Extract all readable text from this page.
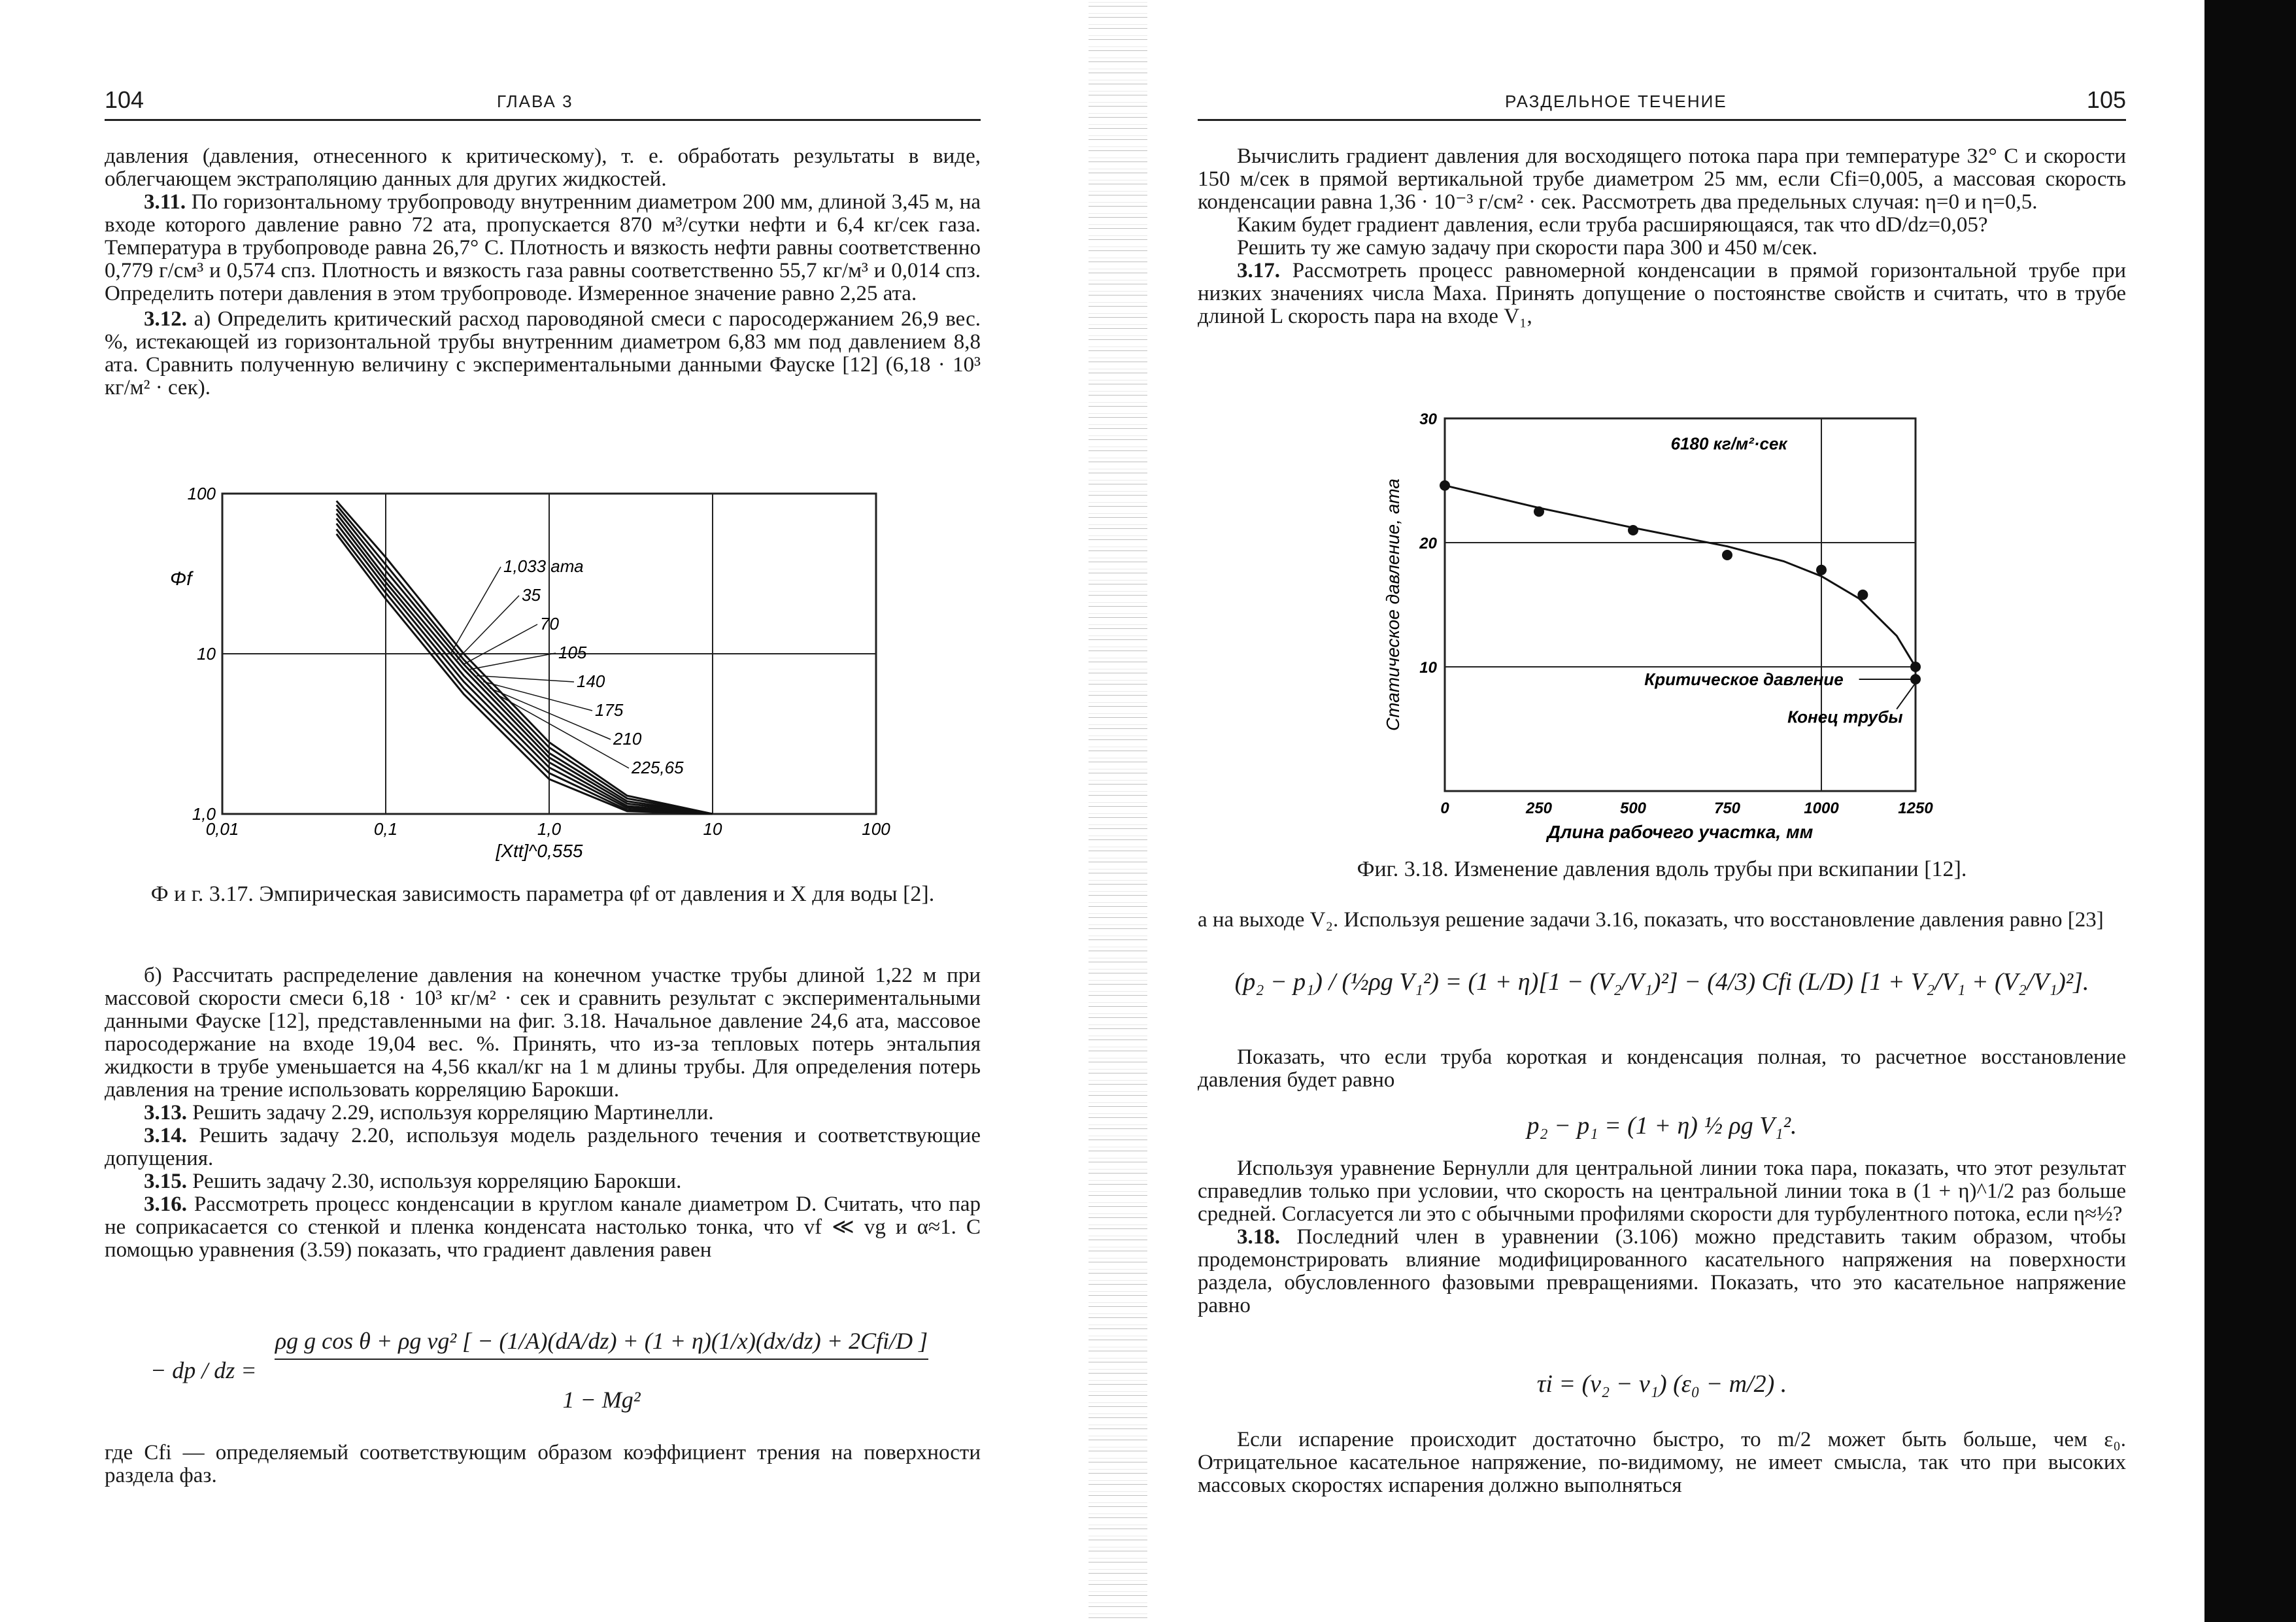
104	ГЛАВА 3

давления (давления, отнесенного к критическому), т. е. обработать результаты в виде, облегчающем экстраполяцию данных для других жидкостей.

3.11. По горизонтальному трубопроводу внутренним диаметром 200 мм, длиной 3,45 м, на входе которого давление равно 72 ата, пропускается 870 м³/сутки нефти и 6,4 кг/сек газа. Температура в трубопроводе равна 26,7° С. Плотность и вязкость нефти равны соответственно 0,779 г/см³ и 0,574 спз. Плотность и вязкость газа равны соответственно 55,7 кг/м³ и 0,014 спз. Определить потери давления в этом трубопроводе. Измеренное значение равно 2,25 ата.

3.12. а) Определить критический расход пароводяной смеси с паросодержанием 26,9 вес. %, истекающей из горизонтальной трубы внутренним диаметром 6,83 мм под давлением 8,8 ата. Сравнить полученную величину с экспериментальными данными Фауске [12] (6,18 · 10³ кг/м² · сек).

0,01	0,1	1,0	10	100
1,0
10
100
[Xtt]^0,555
Φf
1,033 ата
35
70
105
140
175
210
225,65
Ф и г. 3.17. Эмпирическая зависимость параметра φf от давления и X для воды [2].

б) Рассчитать распределение давления на конечном участке трубы длиной 1,22 м при массовой скорости смеси 6,18 · 10³ кг/м² · сек и сравнить результат с экспериментальными данными Фауске [12], представленными на фиг. 3.18. Начальное давление 24,6 ата, массовое паросодержание на входе 19,04 вес. %. Принять, что из-за тепловых потерь энтальпия жидкости в трубе уменьшается на 4,56 ккал/кг на 1 м длины трубы. Для определения потерь давления на трение использовать корреляцию Барокши.

3.13. Решить задачу 2.29, используя корреляцию Мартинелли.

3.14. Решить задачу 2.20, используя модель раздельного течения и соответствующие допущения.

3.15. Решить задачу 2.30, используя корреляцию Барокши.

3.16. Рассмотреть процесс конденсации в круглом канале диаметром D. Считать, что пар не соприкасается со стенкой и пленка конденсата настолько тонка, что vf ≪ vg и α≈1. С помощью уравнения (3.59) показать, что градиент давления равен

− dp / dz =
ρg g cos θ + ρg vg² [ − (1/A)(dA/dz) + (1 + η)(1/x)(dx/dz) + 2Cfi/D ]
1 − Mg²

где Cfi — определяемый соответствующим образом коэффициент трения на поверхности раздела фаз.

РАЗДЕЛЬНОЕ ТЕЧЕНИЕ	105

Вычислить градиент давления для восходящего потока пара при температуре 32° С и скорости 150 м/сек в прямой вертикальной трубе диаметром 25 мм, если Cfi=0,005, а массовая скорость конденсации равна 1,36 · 10⁻³ г/см² · сек. Рассмотреть два предельных случая: η=0 и η=0,5.

Каким будет градиент давления, если труба расширяющаяся, так что dD/dz=0,05?

Решить ту же самую задачу при скорости пара 300 и 450 м/сек.

3.17. Рассмотреть процесс равномерной конденсации в прямой горизонтальной трубе при низких значениях числа Маха. Принять допущение о постоянстве свойств и считать, что в трубе длиной L скорость пара на входе V₁,

0	250	500	750	1000	1250
10
20
30
Длина рабочего участка, мм
Статическое давление, ата
6180 кг/м²·сек
Критическое давление
Конец трубы
Фиг. 3.18. Изменение давления вдоль трубы при вскипании [12].

а на выходе V₂. Используя решение задачи 3.16, показать, что восстановление давления равно [23]

(p₂ − p₁) / (½ρg V₁²) = (1 + η)[1 − (V₂/V₁)²] − (4/3) Cfi (L/D) [1 + V₂/V₁ + (V₂/V₁)²].

Показать, что если труба короткая и конденсация полная, то расчетное восстановление давления будет равно

p₂ − p₁ = (1 + η) ½ ρg V₁².

Используя уравнение Бернулли для центральной линии тока пара, показать, что этот результат справедлив только при условии, что скорость на центральной линии тока в (1 + η)^1/2 раз больше средней. Согласуется ли это с обычными профилями скорости для турбулентного потока, если η≈½?

3.18. Последний член в уравнении (3.106) можно представить таким образом, чтобы продемонстрировать влияние модифицированного касательного напряжения на поверхности раздела, обусловленного фазовыми превращениями. Показать, что это касательное напряжение равно

τi = (v₂ − v₁) (ε₀ − m/2) .

Если испарение происходит достаточно быстро, то m/2 может быть больше, чем ε₀. Отрицательное касательное напряжение, по-видимому, не имеет смысла, так что при высоких массовых скоростях испарения должно выполняться
